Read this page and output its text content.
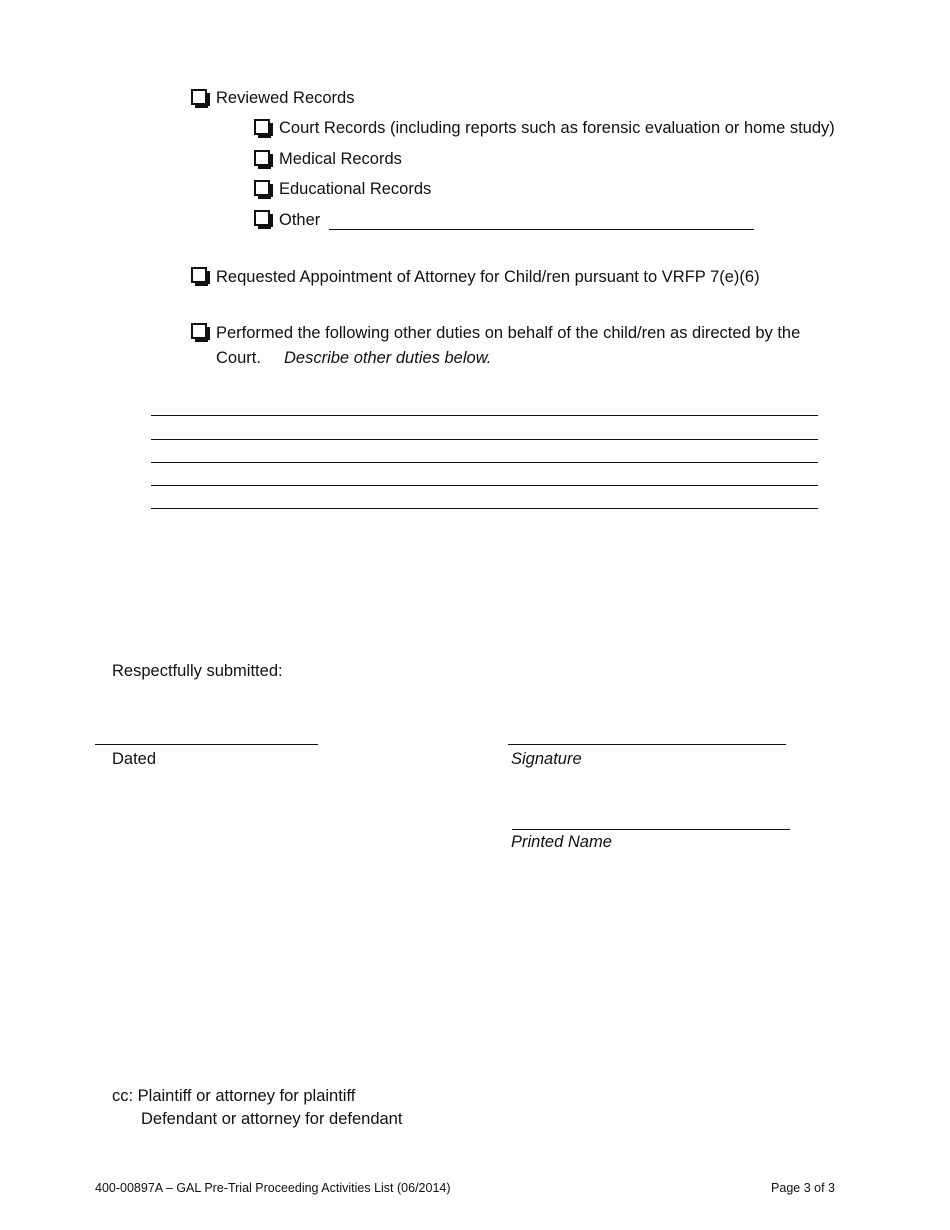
Reviewed Records
Court Records (including reports such as forensic evaluation or home study)
Medical Records
Educational Records
Other
Requested Appointment of Attorney for Child/ren pursuant to VRFP 7(e)(6)
Performed the following other duties on behalf of the child/ren as directed by the
Court. Describe other duties below.
Respectfully submitted:
Dated	Signature
Printed Name
cc: Plaintiff or attorney for plaintiff
Defendant or attorney for defendant
400-00897A – GAL Pre-Trial Proceeding Activities List (06/2014)	Page 3 of 3
